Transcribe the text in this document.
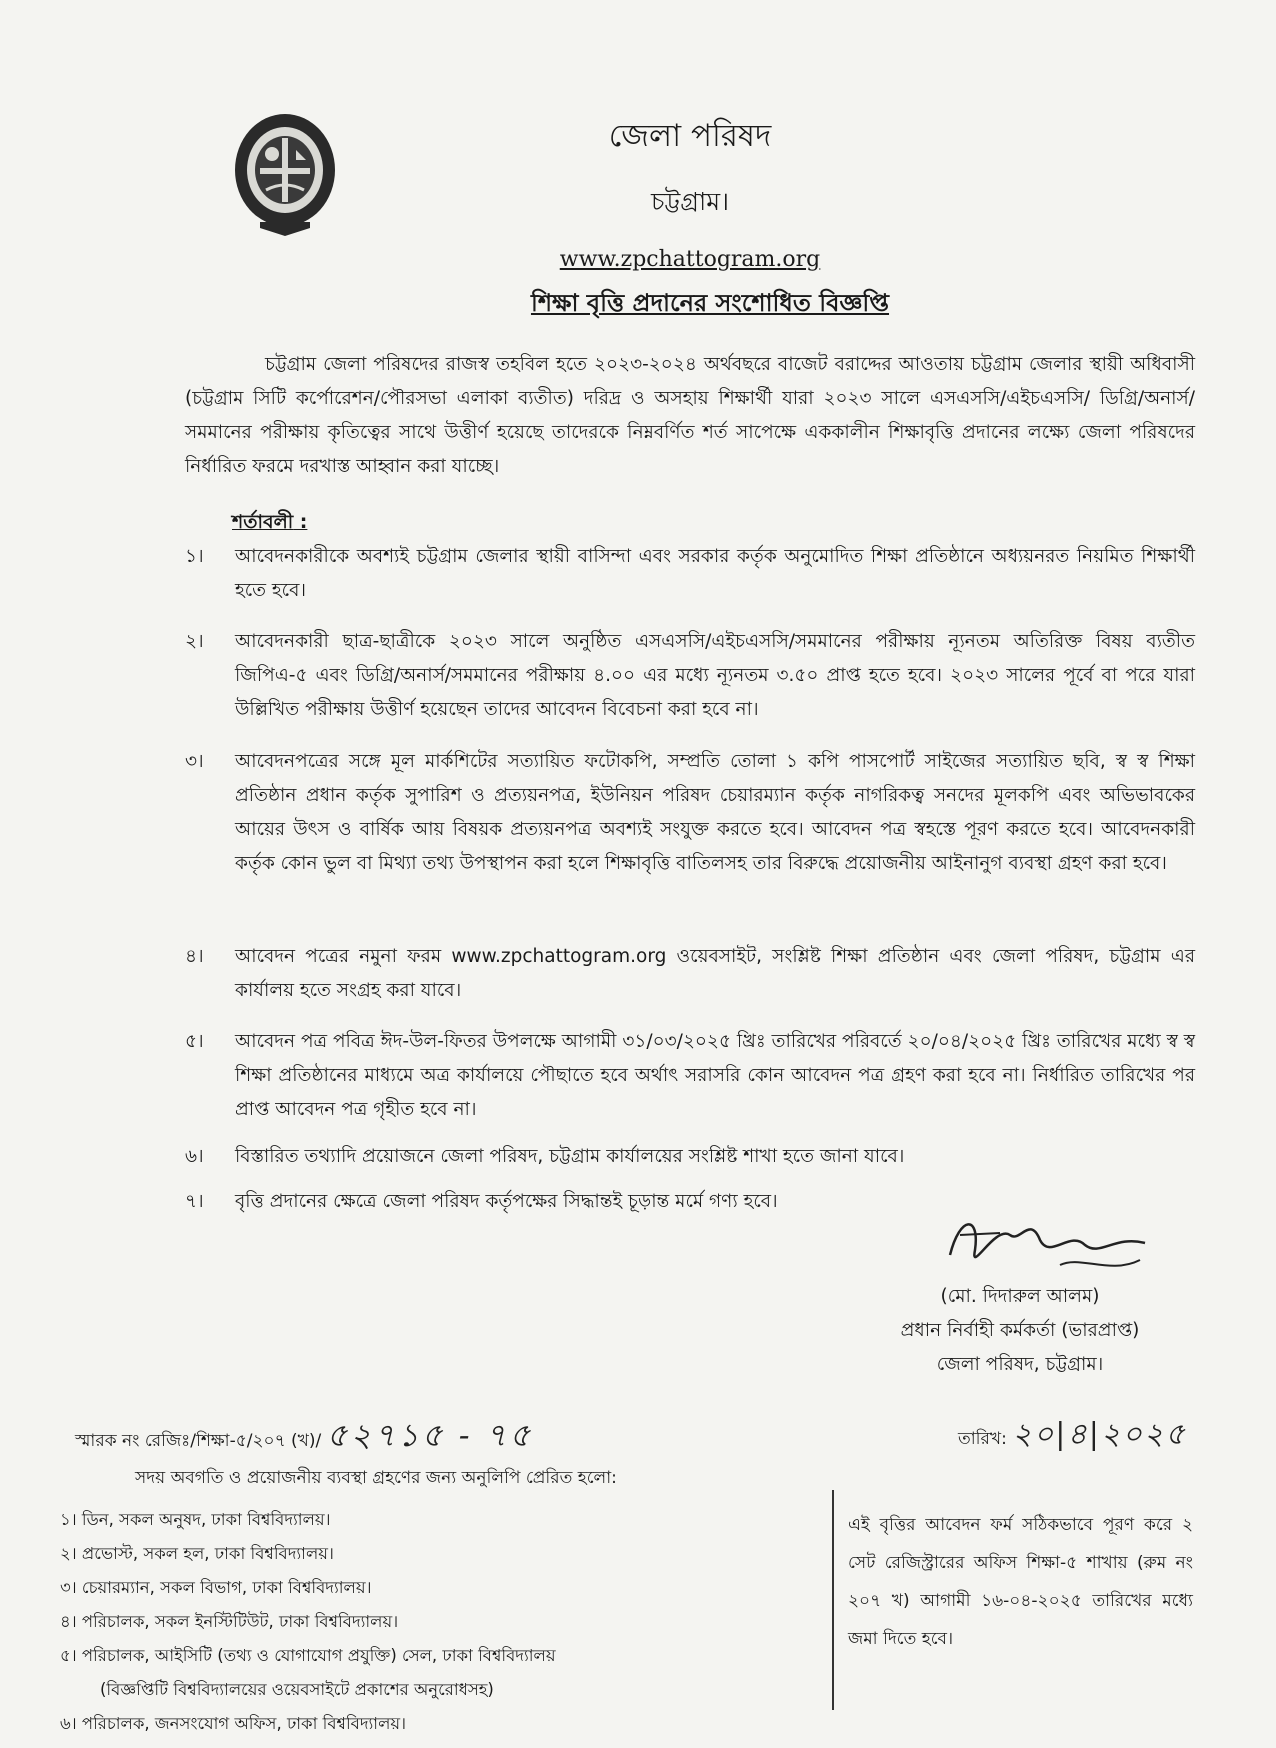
জেলা পরিষদ
চট্টগ্রাম।
www.zpchattogram.org
শিক্ষা বৃত্তি প্রদানের সংশোধিত বিজ্ঞপ্তি
চট্টগ্রাম জেলা পরিষদের রাজস্ব তহবিল হতে ২০২৩-২০২৪ অর্থবছরে বাজেট বরাদ্দের আওতায় চট্টগ্রাম জেলার স্থায়ী অধিবাসী (চট্টগ্রাম সিটি কর্পোরেশন/পৌরসভা এলাকা ব্যতীত) দরিদ্র ও অসহায় শিক্ষার্থী যারা ২০২৩ সালে এসএসসি/এইচএসসি/ ডিগ্রি/অনার্স/সমমানের পরীক্ষায় কৃতিত্বের সাথে উত্তীর্ণ হয়েছে তাদেরকে নিম্নবর্ণিত শর্ত সাপেক্ষে এককালীন শিক্ষাবৃত্তি প্রদানের লক্ষ্যে জেলা পরিষদের নির্ধারিত ফরমে দরখাস্ত আহ্বান করা যাচ্ছে।
শর্তাবলী :
১।	আবেদনকারীকে অবশ্যই চট্টগ্রাম জেলার স্থায়ী বাসিন্দা এবং সরকার কর্তৃক অনুমোদিত শিক্ষা প্রতিষ্ঠানে অধ্যয়নরত নিয়মিত শিক্ষার্থী হতে হবে।
২।	আবেদনকারী ছাত্র-ছাত্রীকে ২০২৩ সালে অনুষ্ঠিত এসএসসি/এইচএসসি/সমমানের পরীক্ষায় ন্যূনতম অতিরিক্ত বিষয় ব্যতীত জিপিএ-৫ এবং ডিগ্রি/অনার্স/সমমানের পরীক্ষায় ৪.০০ এর মধ্যে ন্যূনতম ৩.৫০ প্রাপ্ত হতে হবে। ২০২৩ সালের পূর্বে বা পরে যারা উল্লিখিত পরীক্ষায় উত্তীর্ণ হয়েছেন তাদের আবেদন বিবেচনা করা হবে না।
৩।	আবেদনপত্রের সঙ্গে মূল মার্কশিটের সত্যায়িত ফটোকপি, সম্প্রতি তোলা ১ কপি পাসপোর্ট সাইজের সত্যায়িত ছবি, স্ব স্ব শিক্ষা প্রতিষ্ঠান প্রধান কর্তৃক সুপারিশ ও প্রত্যয়নপত্র, ইউনিয়ন পরিষদ চেয়ারম্যান কর্তৃক নাগরিকত্ব সনদের মূলকপি এবং অভিভাবকের আয়ের উৎস ও বার্ষিক আয় বিষয়ক প্রত্যয়নপত্র অবশ্যই সংযুক্ত করতে হবে। আবেদন পত্র স্বহস্তে পূরণ করতে হবে। আবেদনকারী কর্তৃক কোন ভুল বা মিথ্যা তথ্য উপস্থাপন করা হলে শিক্ষাবৃত্তি বাতিলসহ তার বিরুদ্ধে প্রয়োজনীয় আইনানুগ ব্যবস্থা গ্রহণ করা হবে।
৪।	আবেদন পত্রের নমুনা ফরম www.zpchattogram.org ওয়েবসাইট, সংশ্লিষ্ট শিক্ষা প্রতিষ্ঠান এবং জেলা পরিষদ, চট্টগ্রাম এর কার্যালয় হতে সংগ্রহ করা যাবে।
৫।	আবেদন পত্র পবিত্র ঈদ-উল-ফিতর উপলক্ষে আগামী ৩১/০৩/২০২৫ খ্রিঃ তারিখের পরিবর্তে ২০/০৪/২০২৫ খ্রিঃ তারিখের মধ্যে স্ব স্ব শিক্ষা প্রতিষ্ঠানের মাধ্যমে অত্র কার্যালয়ে পৌছাতে হবে অর্থাৎ সরাসরি কোন আবেদন পত্র গ্রহণ করা হবে না। নির্ধারিত তারিখের পর প্রাপ্ত আবেদন পত্র গৃহীত হবে না।
৬।	বিস্তারিত তথ্যাদি প্রয়োজনে জেলা পরিষদ, চট্টগ্রাম কার্যালয়ের সংশ্লিষ্ট শাখা হতে জানা যাবে।
৭।	বৃত্তি প্রদানের ক্ষেত্রে জেলা পরিষদ কর্তৃপক্ষের সিদ্ধান্তই চূড়ান্ত মর্মে গণ্য হবে।
(মো. দিদারুল আলম)
প্রধান নির্বাহী কর্মকর্তা (ভারপ্রাপ্ত)
জেলা পরিষদ, চট্টগ্রাম।
স্মারক নং রেজিঃ/শিক্ষা-৫/২০৭ (খ)/ ৫২৭১৫ - ৭৫	তারিখ: ২০|৪|২০২৫
সদয় অবগতি ও প্রয়োজনীয় ব্যবস্থা গ্রহণের জন্য অনুলিপি প্রেরিত হলো:
১। ডিন, সকল অনুষদ, ঢাকা বিশ্ববিদ্যালয়।
২। প্রভোস্ট, সকল হল, ঢাকা বিশ্ববিদ্যালয়।
৩। চেয়ারম্যান, সকল বিভাগ, ঢাকা বিশ্ববিদ্যালয়।
৪। পরিচালক, সকল ইনস্টিটিউট, ঢাকা বিশ্ববিদ্যালয়।
৫। পরিচালক, আইসিটি (তথ্য ও যোগাযোগ প্রযুক্তি) সেল, ঢাকা বিশ্ববিদ্যালয়
(বিজ্ঞপ্তিটি বিশ্ববিদ্যালয়ের ওয়েবসাইটে প্রকাশের অনুরোধসহ)
৬। পরিচালক, জনসংযোগ অফিস, ঢাকা বিশ্ববিদ্যালয়।
এই বৃত্তির আবেদন ফর্ম সঠিকভাবে পূরণ করে ২ সেট রেজিস্ট্রারের অফিস শিক্ষা-৫ শাখায় (রুম নং ২০৭ খ) আগামী ১৬-০৪-২০২৫ তারিখের মধ্যে জমা দিতে হবে।
